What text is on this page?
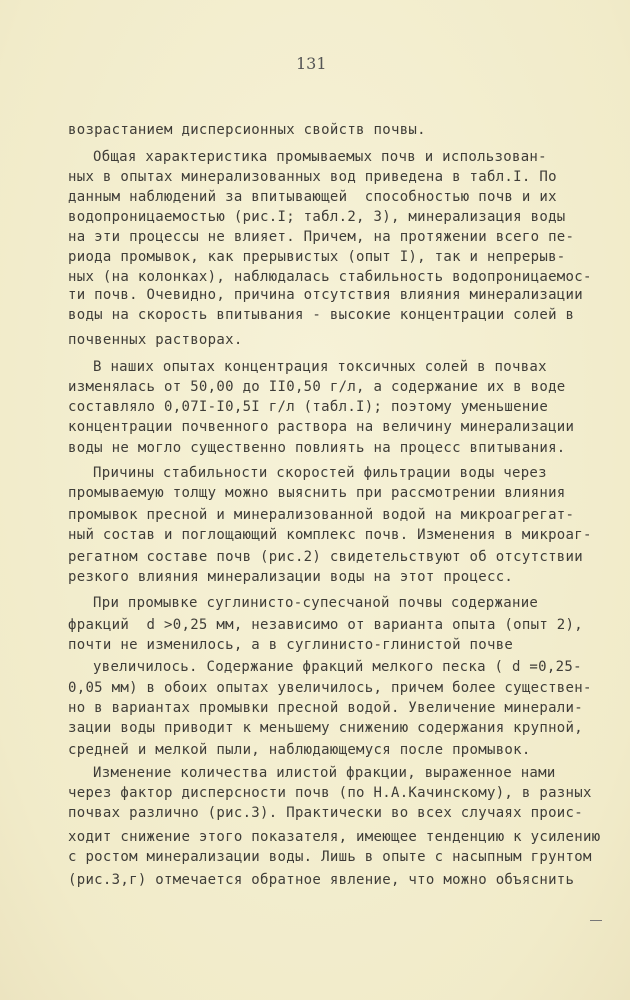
131
возрастанием дисперсионных свойств почвы.
Общая характеристика промываемых почв и использован-
ных в опытах минерализованных вод приведена в табл.I. По
данным наблюдений за впитывающей  способностью почв и их
водопроницаемостью (рис.I; табл.2, 3), минерализация воды
на эти процессы не влияет. Причем, на протяжении всего пе-
риода промывок, как прерывистых (опыт I), так и непрерыв-
ных (на колонках), наблюдалась стабильность водопроницаемос-
ти почв. Очевидно, причина отсутствия влияния минерализации
воды на скорость впитывания - высокие концентрации солей в
почвенных растворах.
В наших опытах концентрация токсичных солей в почвах
изменялась от 50,00 до II0,50 г/л, а содержание их в воде
составляло 0,07I-I0,5I г/л (табл.I); поэтому уменьшение
концентрации почвенного раствора на величину минерализации
воды не могло существенно повлиять на процесс впитывания.
Причины стабильности скоростей фильтрации воды через
промываемую толщу можно выяснить при рассмотрении влияния
промывок пресной и минерализованной водой на микроагрегат-
ный состав и поглощающий комплекс почв. Изменения в микроаг-
регатном составе почв (рис.2) свидетельствуют об отсутствии
резкого влияния минерализации воды на этот процесс.
При промывке суглинисто-супесчаной почвы содержание
фракций  d >0,25 мм, независимо от варианта опыта (опыт 2),
почти не изменилось, а в суглинисто-глинистой почве
увеличилось. Содержание фракций мелкого песка ( d =0,25-
0,05 мм) в обоих опытах увеличилось, причем более существен-
но в вариантах промывки пресной водой. Увеличение минерали-
зации воды приводит к меньшему снижению содержания крупной,
средней и мелкой пыли, наблюдающемуся после промывок.
Изменение количества илистой фракции, выраженное нами
через фактор дисперсности почв (по Н.А.Качинскому), в разных
почвах различно (рис.3). Практически во всех случаях проис-
ходит снижение этого показателя, имеющее тенденцию к усилению
с ростом минерализации воды. Лишь в опыте с насыпным грунтом
(рис.3,г) отмечается обратное явление, что можно объяснить
